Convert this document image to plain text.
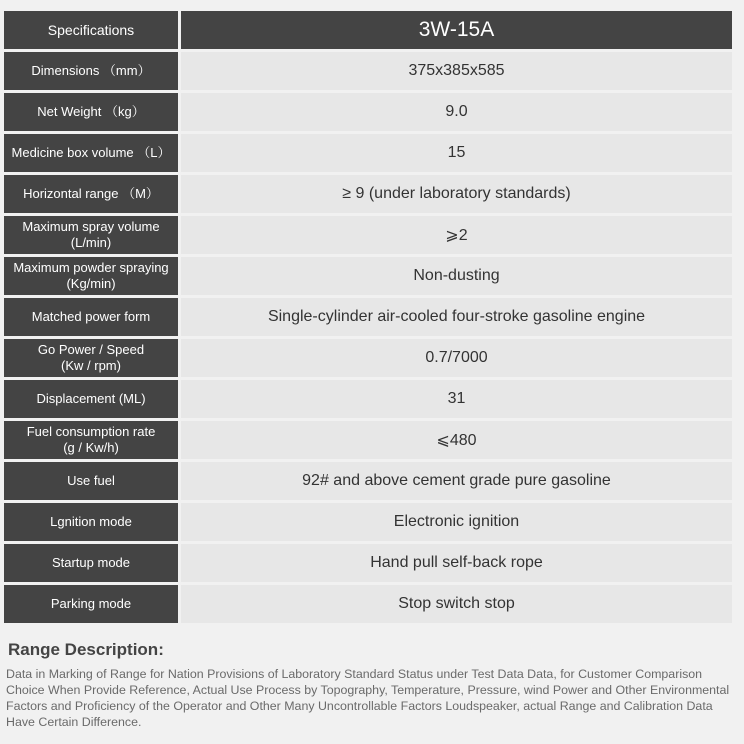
Specifications	3W-15A
Dimensions （mm）	375x385x585
Net Weight （kg）	9.0
Medicine box volume （L）	15
Horizontal range （M）	≥ 9 (under laboratory standards)
Maximum spray volume
(L/min)	⩾2
Maximum powder spraying
(Kg/min)	Non-dusting
Matched power form	Single-cylinder air-cooled four-stroke gasoline engine
Go Power / Speed
(Kw / rpm)	0.7/7000
Displacement (ML)	31
Fuel consumption rate
(g / Kw/h)	⩽480
Use fuel	92# and above cement grade pure gasoline
Lgnition mode	Electronic ignition
Startup mode	Hand pull self-back rope
Parking mode	Stop switch stop
Range Description:
Data in Marking of Range for Nation Provisions of Laboratory Standard Status under Test Data Data, for Customer Comparison Choice When Provide Reference, Actual Use Process by Topography, Temperature, Pressure, wind Power and Other Environmental Factors and Proficiency of the Operator and Other Many Uncontrollable Factors Loudspeaker, actual Range and Calibration Data Have Certain Difference.
